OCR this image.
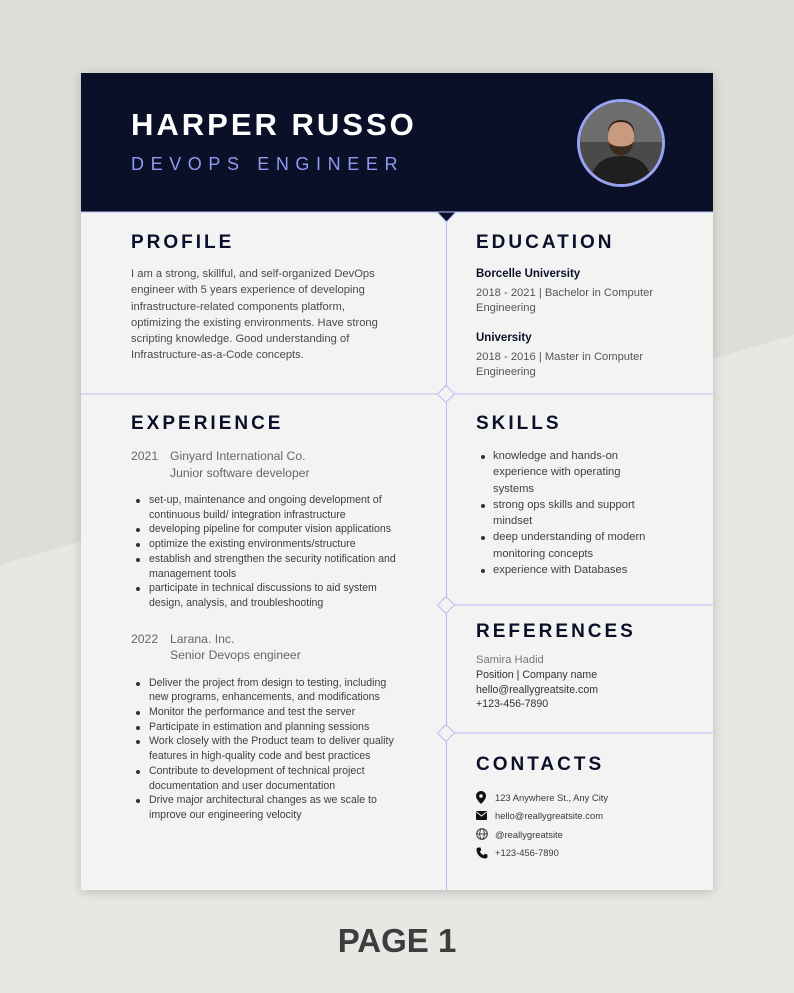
HARPER RUSSO
DEVOPS ENGINEER
PROFILE
I am a strong, skillful, and self-organized DevOps
engineer with 5 years experience of developing
infrastructure-related components platform,
optimizing the existing environments. Have strong
scripting knowledge. Good understanding of
Infrastructure-as-a-Code concepts.
EDUCATION
Borcelle University
2018 - 2021 | Bachelor in Computer
Engineering
University
2018 - 2016 | Master in Computer
Engineering
EXPERIENCE
2021 Ginyard International Co.
Junior software developer
set-up, maintenance and ongoing development of
continuous build/ integration infrastructure
developing pipeline for computer vision applications
optimize the existing environments/structure
establish and strengthen the security notification and
management tools
participate in technical discussions to aid system
design, analysis, and troubleshooting
2022 Larana. Inc.
Senior Devops engineer
Deliver the project from design to testing, including
new programs, enhancements, and modifications
Monitor the performance and test the server
Participate in estimation and planning sessions
Work closely with the Product team to deliver quality
features in high-quality code and best practices
Contribute to development of technical project
documentation and user documentation
Drive major architectural changes as we scale to
improve our engineering velocity
SKILLS
knowledge and hands-on
experience with operating
systems
strong ops skills and support
mindset
deep understanding of modern
monitoring concepts
experience with Databases
REFERENCES
Samira Hadid
Position | Company name
hello@reallygreatsite.com
+123-456-7890
CONTACTS
123 Anywhere St., Any City
hello@reallygreatsite.com
@reallygreatsite
+123-456-7890
PAGE 1
